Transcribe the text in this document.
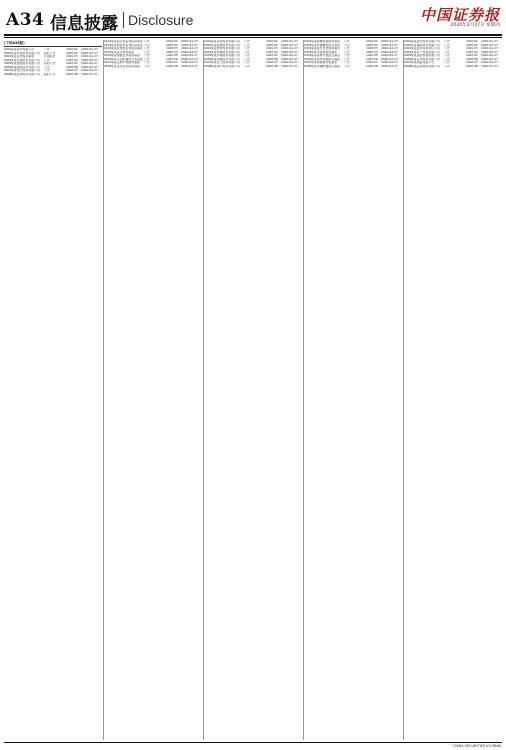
A34 信息披露 Disclosure	中国证券报
2020年2月27日 星期四
(下转A35版)
0001 某某股份有限公司	公告	2020 01	2020-02-27
0002 某某科技股份有限公司	临时公告	2020 02	2020-02-27
0003 某某证券投资基金	定期报告	2020 03	2020-02-27
0004 某某发展股份有限公司	公告	2020 04	2020-02-27
0005 某某集团股份有限公司	临时公告	2020 05	2020-02-27
0006 某某控股股份有限公司	公告	2020 06	2020-02-27
0007 某某电子股份有限公司	公告	2020 07	2020-02-27
0008 某某医药股份有限公司	临时公告	2020 08	2020-02-27
0101 某某混合型证券投资基金 公告	2020 01	2020-02-27
0102 某某债券型证券投资基金 公告	2020 02	2020-02-27
0103 某某股票型证券投资基金 公告	2020 03	2020-02-27
0104 某某货币市场基金	公告	2020 04	2020-02-27
0105 某某指数证券投资基金	公告	2020 05	2020-02-27
0106 某某灵活配置混合型基金 公告	2020 06	2020-02-27
0107 某某定期开放债券基金	公告	2020 07	2020-02-27
0108 某某量化证券投资基金	公告	2020 08	2020-02-27
0201 某某实业股份有限公司	公告	2020 01	2020-02-27
0202 某某能源股份有限公司	公告	2020 02	2020-02-27
0203 某某材料股份有限公司	公告	2020 03	2020-02-27
0204 某某机械股份有限公司	公告	2020 04	2020-02-27
0205 某某环保股份有限公司	公告	2020 05	2020-02-27
0206 某某传媒股份有限公司	公告	2020 06	2020-02-27
0207 某某化工股份有限公司	公告	2020 07	2020-02-27
0208 某某地产股份有限公司	公告	2020 08	2020-02-27
0301 某某稳健收益债券基金	公告	2020 01	2020-02-27
0302 某某价值精选混合基金	公告	2020 02	2020-02-27
0303 某某成长优选股票基金	公告	2020 03	2020-02-27
0304 某某中短债债券基金	公告	2020 04	2020-02-27
0305 某某消费升级混合基金	公告	2020 05	2020-02-27
0306 某某科技创新混合基金	公告	2020 06	2020-02-27
0307 某某纯债债券型基金	公告	2020 07	2020-02-27
0308 某某均衡配置混合基金	公告	2020 08	2020-02-27
0401 某某银行股份有限公司	公告	2020 01	2020-02-27
0402 某某保险股份有限公司	公告	2020 02	2020-02-27
0403 某某信托有限责任公司	公告	2020 03	2020-02-27
0404 某某资产管理有限公司	公告	2020 04	2020-02-27
0405 某某基金管理有限公司	公告	2020 05	2020-02-27
0406 某某证券股份有限公司	公告	2020 06	2020-02-27
0407 某某期货有限公司	公告	2020 07	2020-02-27
0408 某某投资控股有限公司	公告	2020 08	2020-02-27
CHINA SECURITIES JOURNAL
